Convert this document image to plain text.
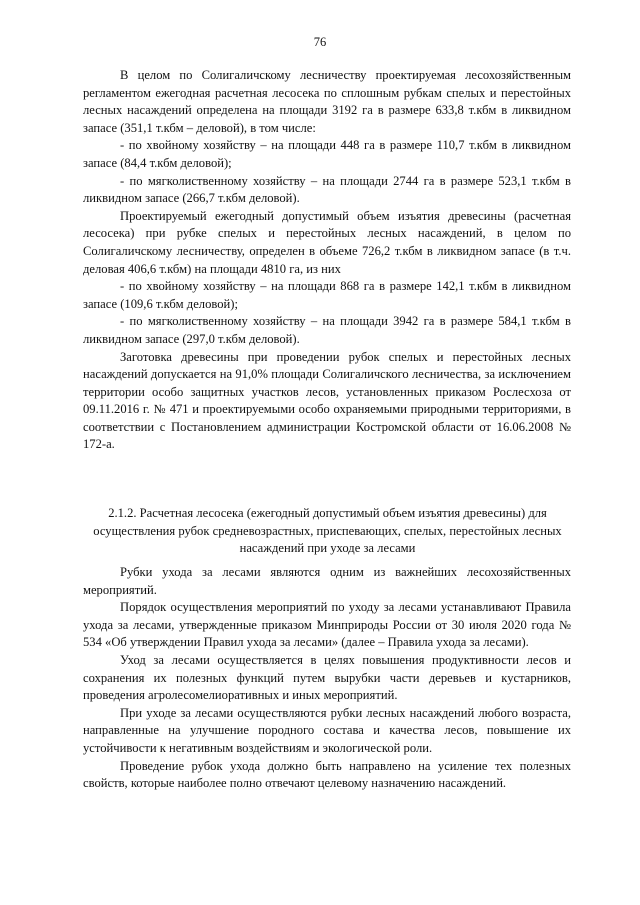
76

В целом по Солигаличскому лесничеству проектируемая лесохозяйственным регламентом ежегодная расчетная лесосека по сплошным рубкам спелых и перестойных лесных насаждений определена на площади 3192 га в размере 633,8 т.кбм в ликвидном запасе (351,1 т.кбм – деловой), в том числе:

- по хвойному хозяйству – на площади 448 га в размере 110,7 т.кбм в ликвидном запасе (84,4 т.кбм деловой);

- по мягколиственному хозяйству – на площади 2744 га в размере 523,1 т.кбм в ликвидном запасе (266,7 т.кбм деловой).

Проектируемый ежегодный допустимый объем изъятия древесины (расчетная лесосека) при рубке спелых и перестойных лесных насаждений, в целом по Солигаличскому лесничеству, определен в объеме 726,2 т.кбм в ликвидном запасе (в т.ч. деловая 406,6 т.кбм) на площади 4810 га, из них

- по хвойному хозяйству – на площади 868 га в размере 142,1 т.кбм в ликвидном запасе (109,6 т.кбм деловой);

- по мягколиственному хозяйству – на площади 3942 га в размере 584,1 т.кбм в ликвидном запасе (297,0 т.кбм деловой).

Заготовка древесины при проведении рубок спелых и перестойных лесных насаждений допускается на 91,0% площади Солигаличского лесничества, за исключением территории особо защитных участков лесов, установленных приказом Рослесхоза от 09.11.2016 г. № 471 и проектируемыми особо охраняемыми природными территориями, в соответствии с Постановлением администрации Костромской области от 16.06.2008 № 172-а.

2.1.2. Расчетная лесосека (ежегодный допустимый объем изъятия древесины) для осуществления рубок средневозрастных, приспевающих, спелых, перестойных лесных насаждений при уходе за лесами

Рубки ухода за лесами являются одним из важнейших лесохозяйственных мероприятий.

Порядок осуществления мероприятий по уходу за лесами устанавливают Правила ухода за лесами, утвержденные приказом Минприроды России от 30 июля 2020 года № 534 «Об утверждении Правил ухода за лесами» (далее – Правила ухода за лесами).

Уход за лесами осуществляется в целях повышения продуктивности лесов и сохранения их полезных функций путем вырубки части деревьев и кустарников, проведения агролесомелиоративных и иных мероприятий.

При уходе за лесами осуществляются рубки лесных насаждений любого возраста, направленные на улучшение породного состава и качества лесов, повышение их устойчивости к негативным воздействиям и экологической роли.

Проведение рубок ухода должно быть направлено на усиление тех полезных свойств, которые наиболее полно отвечают целевому назначению насаждений.
